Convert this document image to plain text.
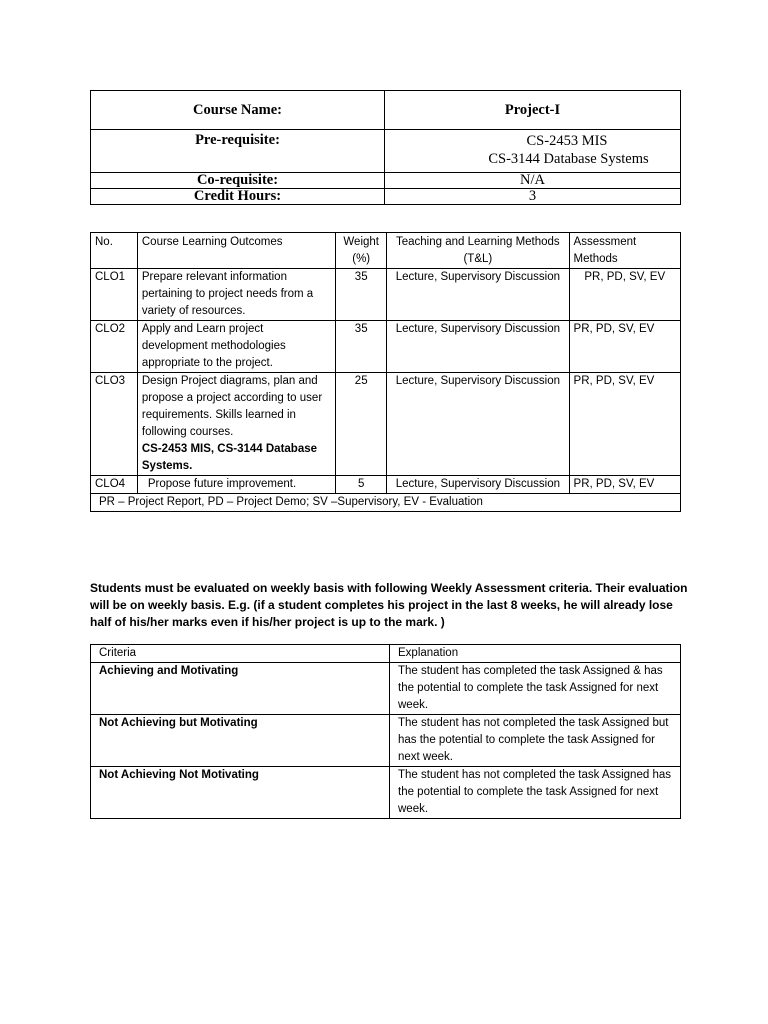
Course Name:	Project-I
Pre-requisite:	CS-2453 MIS
CS-3144 Database Systems

Co-requisite:	N/A
Credit Hours:	3
No.	Course Learning Outcomes	Weight (%)	Teaching and Learning Methods (T&L)	Assessment Methods
CLO1	Prepare relevant information pertaining to project needs from a variety of resources.	35	Lecture, Supervisory Discussion	PR, PD, SV, EV
CLO2	Apply and Learn project development methodologies appropriate to the project.	35	Lecture, Supervisory Discussion	PR, PD, SV, EV
CLO3	Design Project diagrams, plan and propose a project according to user requirements. Skills learned in following courses.
CS-2453 MIS, CS-3144 Database Systems.	25	Lecture, Supervisory Discussion	PR, PD, SV, EV
CLO4	Propose future improvement.	5	Lecture, Supervisory Discussion	PR, PD, SV, EV
PR – Project Report, PD – Project Demo; SV –Supervisory, EV - Evaluation				

Students must be evaluated on weekly basis with following Weekly Assessment criteria. Their evaluation will be on weekly basis. E.g. (if a student completes his project in the last 8 weeks, he will already lose half of his/her marks even if his/her project is up to the mark. )

Criteria	Explanation
Achieving and Motivating	The student has completed the task Assigned & has the potential to complete the task Assigned for next week.
Not Achieving but Motivating	The student has not completed the task Assigned but has the potential to complete the task Assigned for next week.
Not Achieving Not Motivating	The student has not completed the task Assigned has the potential to complete the task Assigned for next week.
